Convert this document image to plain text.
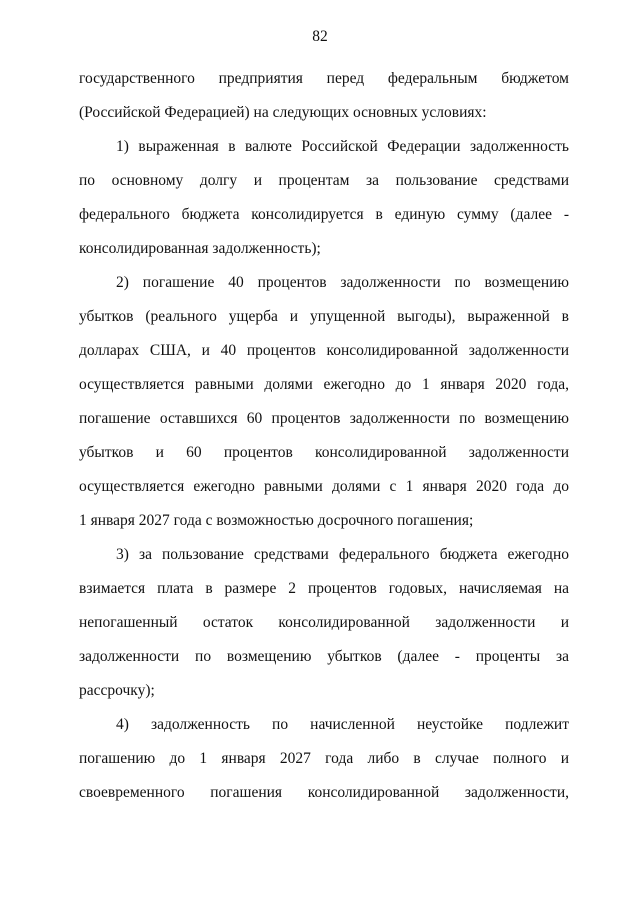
82

государственного предприятия перед федеральным бюджетом
(Российской Федерацией) на следующих основных условиях:

1) выраженная в валюте Российской Федерации задолженность
по основному долгу и процентам за пользование средствами
федерального бюджета консолидируется в единую сумму (далее -
консолидированная задолженность);

2) погашение 40 процентов задолженности по возмещению
убытков (реального ущерба и упущенной выгоды), выраженной в
долларах США, и 40 процентов консолидированной задолженности
осуществляется равными долями ежегодно до 1 января 2020 года,
погашение оставшихся 60 процентов задолженности по возмещению
убытков и 60 процентов консолидированной задолженности
осуществляется ежегодно равными долями с 1 января 2020 года до
1 января 2027 года с возможностью досрочного погашения;

3) за пользование средствами федерального бюджета ежегодно
взимается плата в размере 2 процентов годовых, начисляемая на
непогашенный остаток консолидированной задолженности и
задолженности по возмещению убытков (далее - проценты за
рассрочку);

4) задолженность по начисленной неустойке подлежит
погашению до 1 января 2027 года либо в случае полного и
своевременного погашения консолидированной задолженности,
